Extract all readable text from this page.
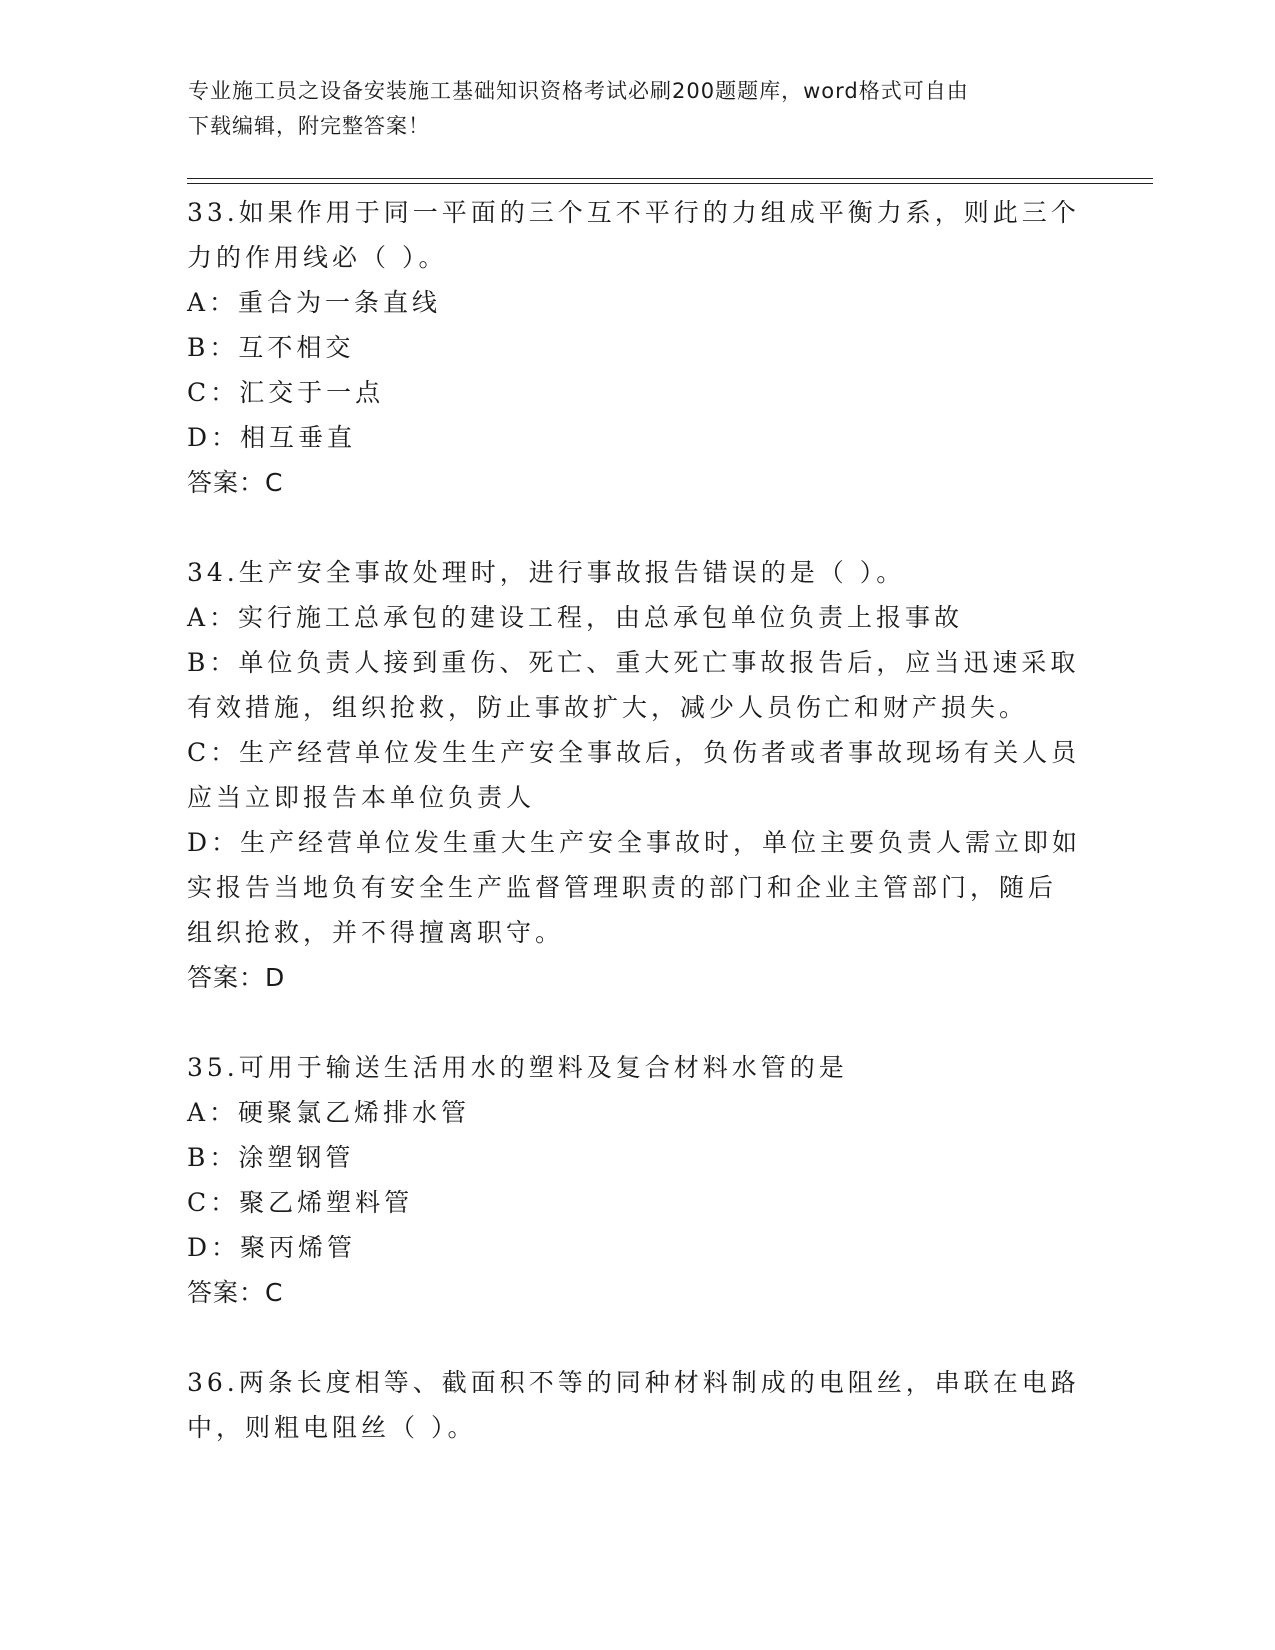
专业施工员之设备安装施工基础知识资格考试必刷200题题库，word格式可自由

下载编辑，附完整答案！

33.如果作用于同一平面的三个互不平行的力组成平衡力系，则此三个

力的作用线必（ ）。

A：重合为一条直线

B：互不相交

C：汇交于一点

D：相互垂直

答案：C

34.生产安全事故处理时，进行事故报告错误的是（ ）。

A：实行施工总承包的建设工程，由总承包单位负责上报事故

B：单位负责人接到重伤、死亡、重大死亡事故报告后，应当迅速采取

有效措施，组织抢救，防止事故扩大，减少人员伤亡和财产损失。

C：生产经营单位发生生产安全事故后，负伤者或者事故现场有关人员

应当立即报告本单位负责人

D：生产经营单位发生重大生产安全事故时，单位主要负责人需立即如

实报告当地负有安全生产监督管理职责的部门和企业主管部门，随后

组织抢救，并不得擅离职守。

答案：D

35.可用于输送生活用水的塑料及复合材料水管的是

A：硬聚氯乙烯排水管

B：涂塑钢管

C：聚乙烯塑料管

D：聚丙烯管

答案：C

36.两条长度相等、截面积不等的同种材料制成的电阻丝，串联在电路

中，则粗电阻丝（ ）。
